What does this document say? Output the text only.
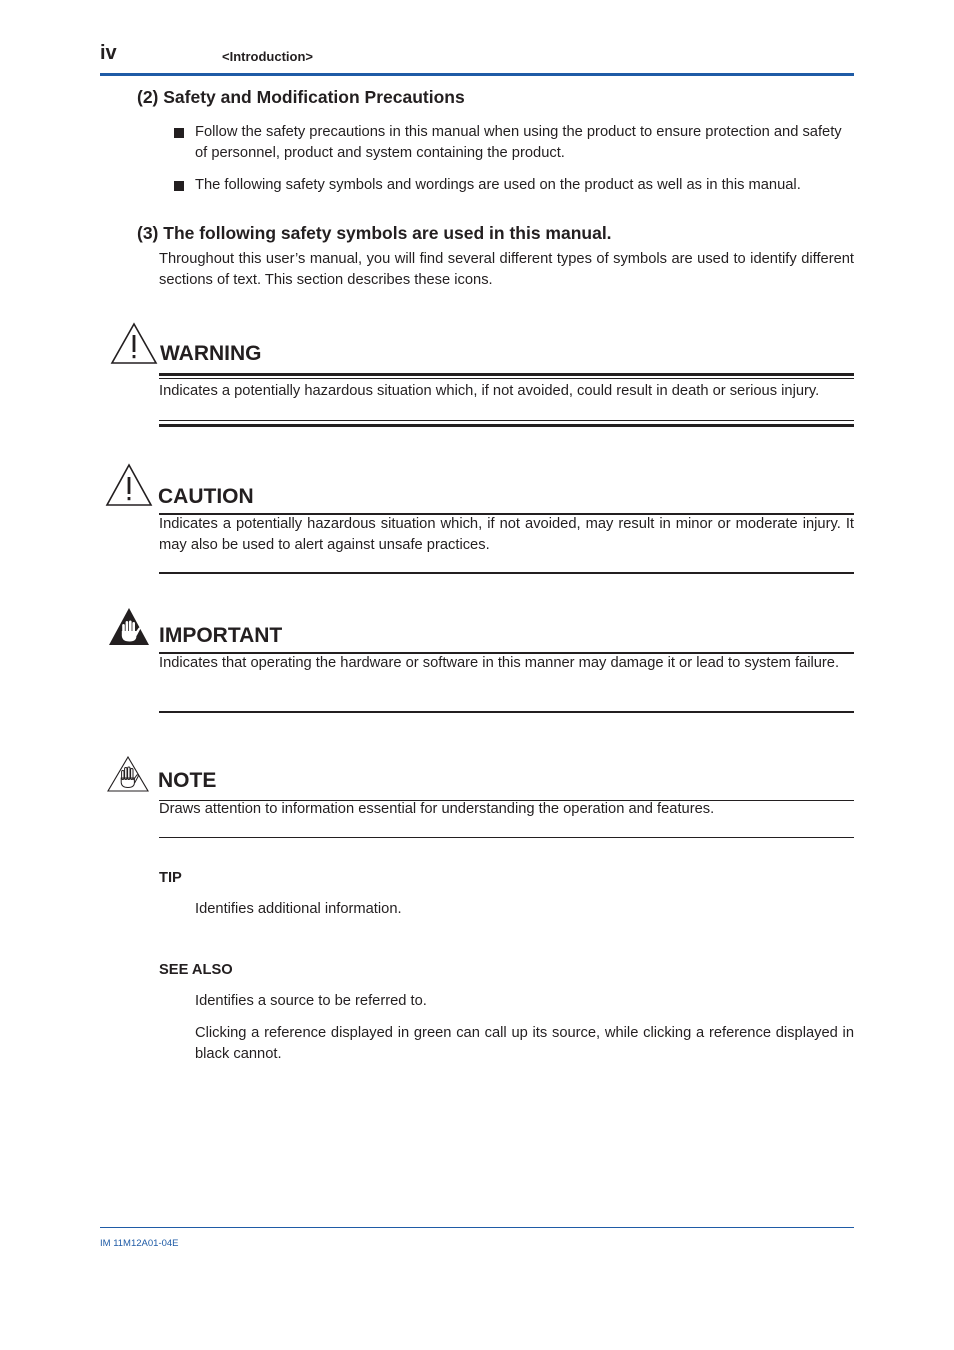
iv	<Introduction>
(2) Safety and Modification Precautions
Follow the safety precautions in this manual when using the product to ensure protection and safety of personnel, product and system containing the product.
The following safety symbols and wordings are used on the product as well as in this manual.
(3) The following safety symbols are used in this manual.
Throughout this user’s manual, you will find several different types of symbols are used to identify different sections of text. This section describes these icons.
WARNING
Indicates a potentially hazardous situation which, if not avoided, could result in death or serious injury.
CAUTION
Indicates a potentially hazardous situation which, if not avoided, may result in minor or moderate injury. It may also be used to alert against unsafe practices.
IMPORTANT
Indicates that operating the hardware or software in this manner may damage it or lead to system failure.
NOTE
Draws attention to information essential for understanding the operation and features.
TIP
Identifies additional information.
SEE ALSO
Identifies a source to be referred to.
Clicking a reference displayed in green can call up its source, while clicking a reference displayed in black cannot.
IM 11M12A01-04E
